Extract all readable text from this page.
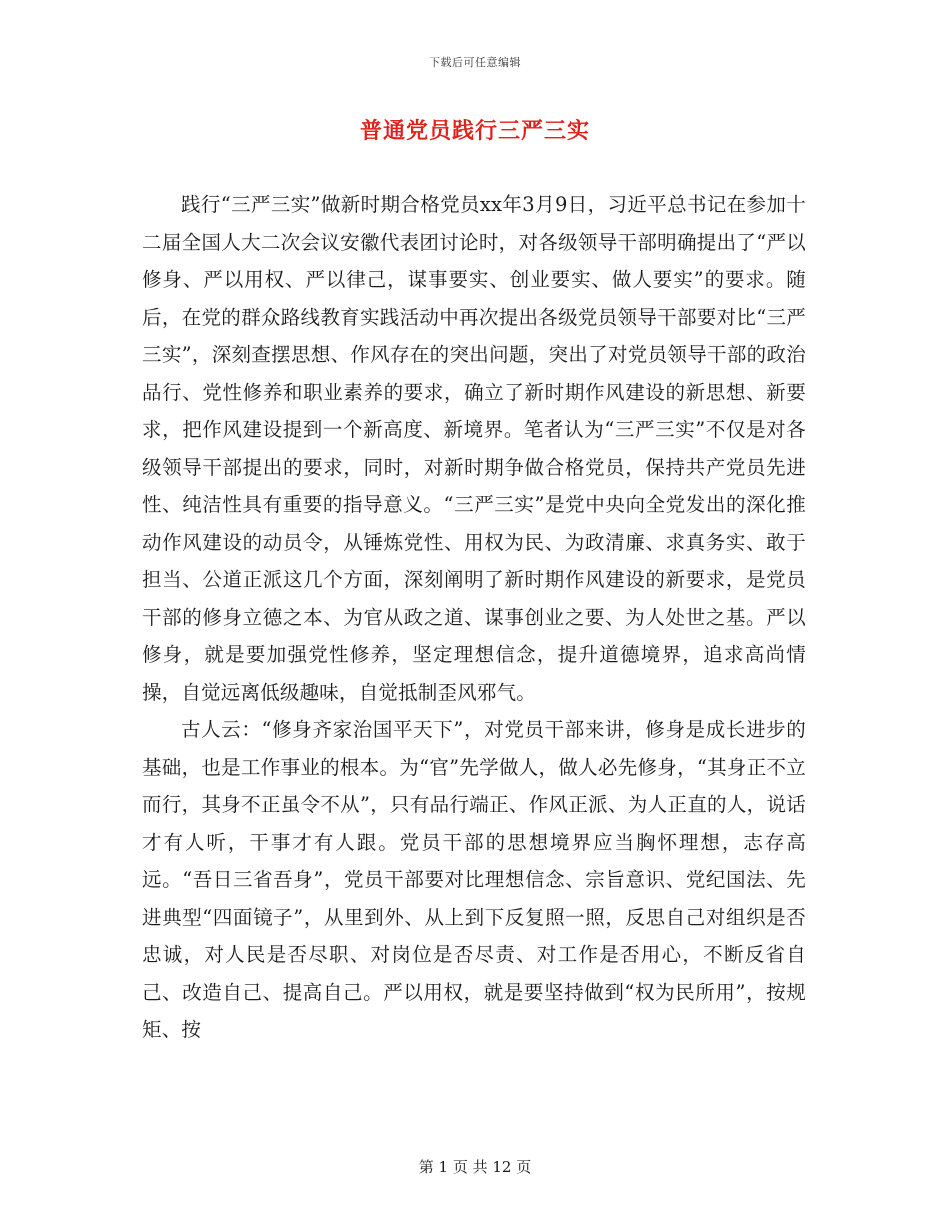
下载后可任意编辑
普通党员践行三严三实

践行“三严三实”做新时期合格党员xx年3月9日，习近平总书记在参加十二届全国人大二次会议安徽代表团讨论时，对各级领导干部明确提出了“严以修身、严以用权、严以律己，谋事要实、创业要实、做人要实”的要求。随后，在党的群众路线教育实践活动中再次提出各级党员领导干部要对比“三严三实”，深刻查摆思想、作风存在的突出问题，突出了对党员领导干部的政治品行、党性修养和职业素养的要求，确立了新时期作风建设的新思想、新要求，把作风建设提到一个新高度、新境界。笔者认为“三严三实”不仅是对各级领导干部提出的要求，同时，对新时期争做合格党员，保持共产党员先进性、纯洁性具有重要的指导意义。“三严三实”是党中央向全党发出的深化推动作风建设的动员令，从锤炼党性、用权为民、为政清廉、求真务实、敢于担当、公道正派这几个方面，深刻阐明了新时期作风建设的新要求，是党员干部的修身立德之本、为官从政之道、谋事创业之要、为人处世之基。严以修身，就是要加强党性修养，坚定理想信念，提升道德境界，追求高尚情操，自觉远离低级趣味，自觉抵制歪风邪气。

古人云：“修身齐家治国平天下”，对党员干部来讲，修身是成长进步的基础，也是工作事业的根本。为“官”先学做人，做人必先修身，“其身正不立而行，其身不正虽令不从”，只有品行端正、作风正派、为人正直的人，说话才有人听，干事才有人跟。党员干部的思想境界应当胸怀理想，志存高远。“吾日三省吾身”，党员干部要对比理想信念、宗旨意识、党纪国法、先进典型“四面镜子”，从里到外、从上到下反复照一照，反思自己对组织是否忠诚，对人民是否尽职、对岗位是否尽责、对工作是否用心，不断反省自己、改造自己、提高自己。严以用权，就是要坚持做到“权为民所用”，按规矩、按

第 1 页 共 12 页
